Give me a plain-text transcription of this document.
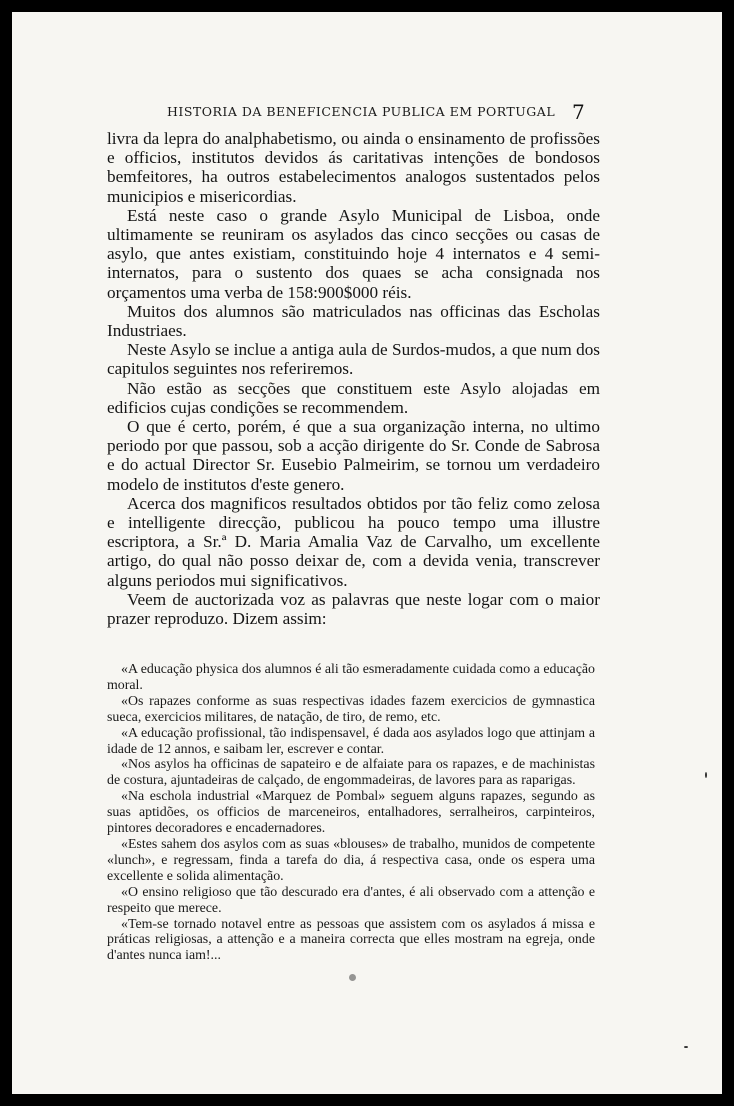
HISTORIA DA BENEFICENCIA PUBLICA EM PORTUGAL 7

livra da lepra do analphabetismo, ou ainda o ensinamento de profissões e officios, institutos devidos ás caritativas intenções de bondosos bemfeitores, ha outros estabelecimentos analogos sustentados pelos municipios e misericordias.

Está neste caso o grande Asylo Municipal de Lisboa, onde ultimamente se reuniram os asylados das cinco secções ou casas de asylo, que antes existiam, constituindo hoje 4 internatos e 4 semi-internatos, para o sustento dos quaes se acha consignada nos orçamentos uma verba de 158:900$000 réis.

Muitos dos alumnos são matriculados nas officinas das Escholas Industriaes.

Neste Asylo se inclue a antiga aula de Surdos-mudos, a que num dos capitulos seguintes nos referiremos.

Não estão as secções que constituem este Asylo alojadas em edificios cujas condições se recommendem.

O que é certo, porém, é que a sua organização interna, no ultimo periodo por que passou, sob a acção dirigente do Sr. Conde de Sabrosa e do actual Director Sr. Eusebio Palmeirim, se tornou um verdadeiro modelo de institutos d'este genero.

Acerca dos magnificos resultados obtidos por tão feliz como zelosa e intelligente direcção, publicou ha pouco tempo uma illustre escriptora, a Sr.ª D. Maria Amalia Vaz de Carvalho, um excellente artigo, do qual não posso deixar de, com a devida venia, transcrever alguns periodos mui significativos.

Veem de auctorizada voz as palavras que neste logar com o maior prazer reproduzo. Dizem assim:

«A educação physica dos alumnos é ali tão esmeradamente cuidada como a educação moral.

«Os rapazes conforme as suas respectivas idades fazem exercicios de gymnastica sueca, exercicios militares, de natação, de tiro, de remo, etc.

«A educação profissional, tão indispensavel, é dada aos asylados logo que attinjam a idade de 12 annos, e saibam ler, escrever e contar.

«Nos asylos ha officinas de sapateiro e de alfaiate para os rapazes, e de machinistas de costura, ajuntadeiras de calçado, de engommadeiras, de lavores para as raparigas.

«Na eschola industrial «Marquez de Pombal» seguem alguns rapazes, segundo as suas aptidões, os officios de marceneiros, entalhadores, serralheiros, carpinteiros, pintores decoradores e encadernadores.

«Estes sahem dos asylos com as suas «blouses» de trabalho, munidos de competente «lunch», e regressam, finda a tarefa do dia, á respectiva casa, onde os espera uma excellente e solida alimentação.

«O ensino religioso que tão descurado era d'antes, é ali observado com a attenção e respeito que merece.

«Tem-se tornado notavel entre as pessoas que assistem com os asylados á missa e práticas religiosas, a attenção e a maneira correcta que elles mostram na egreja, onde d'antes nunca iam!...
